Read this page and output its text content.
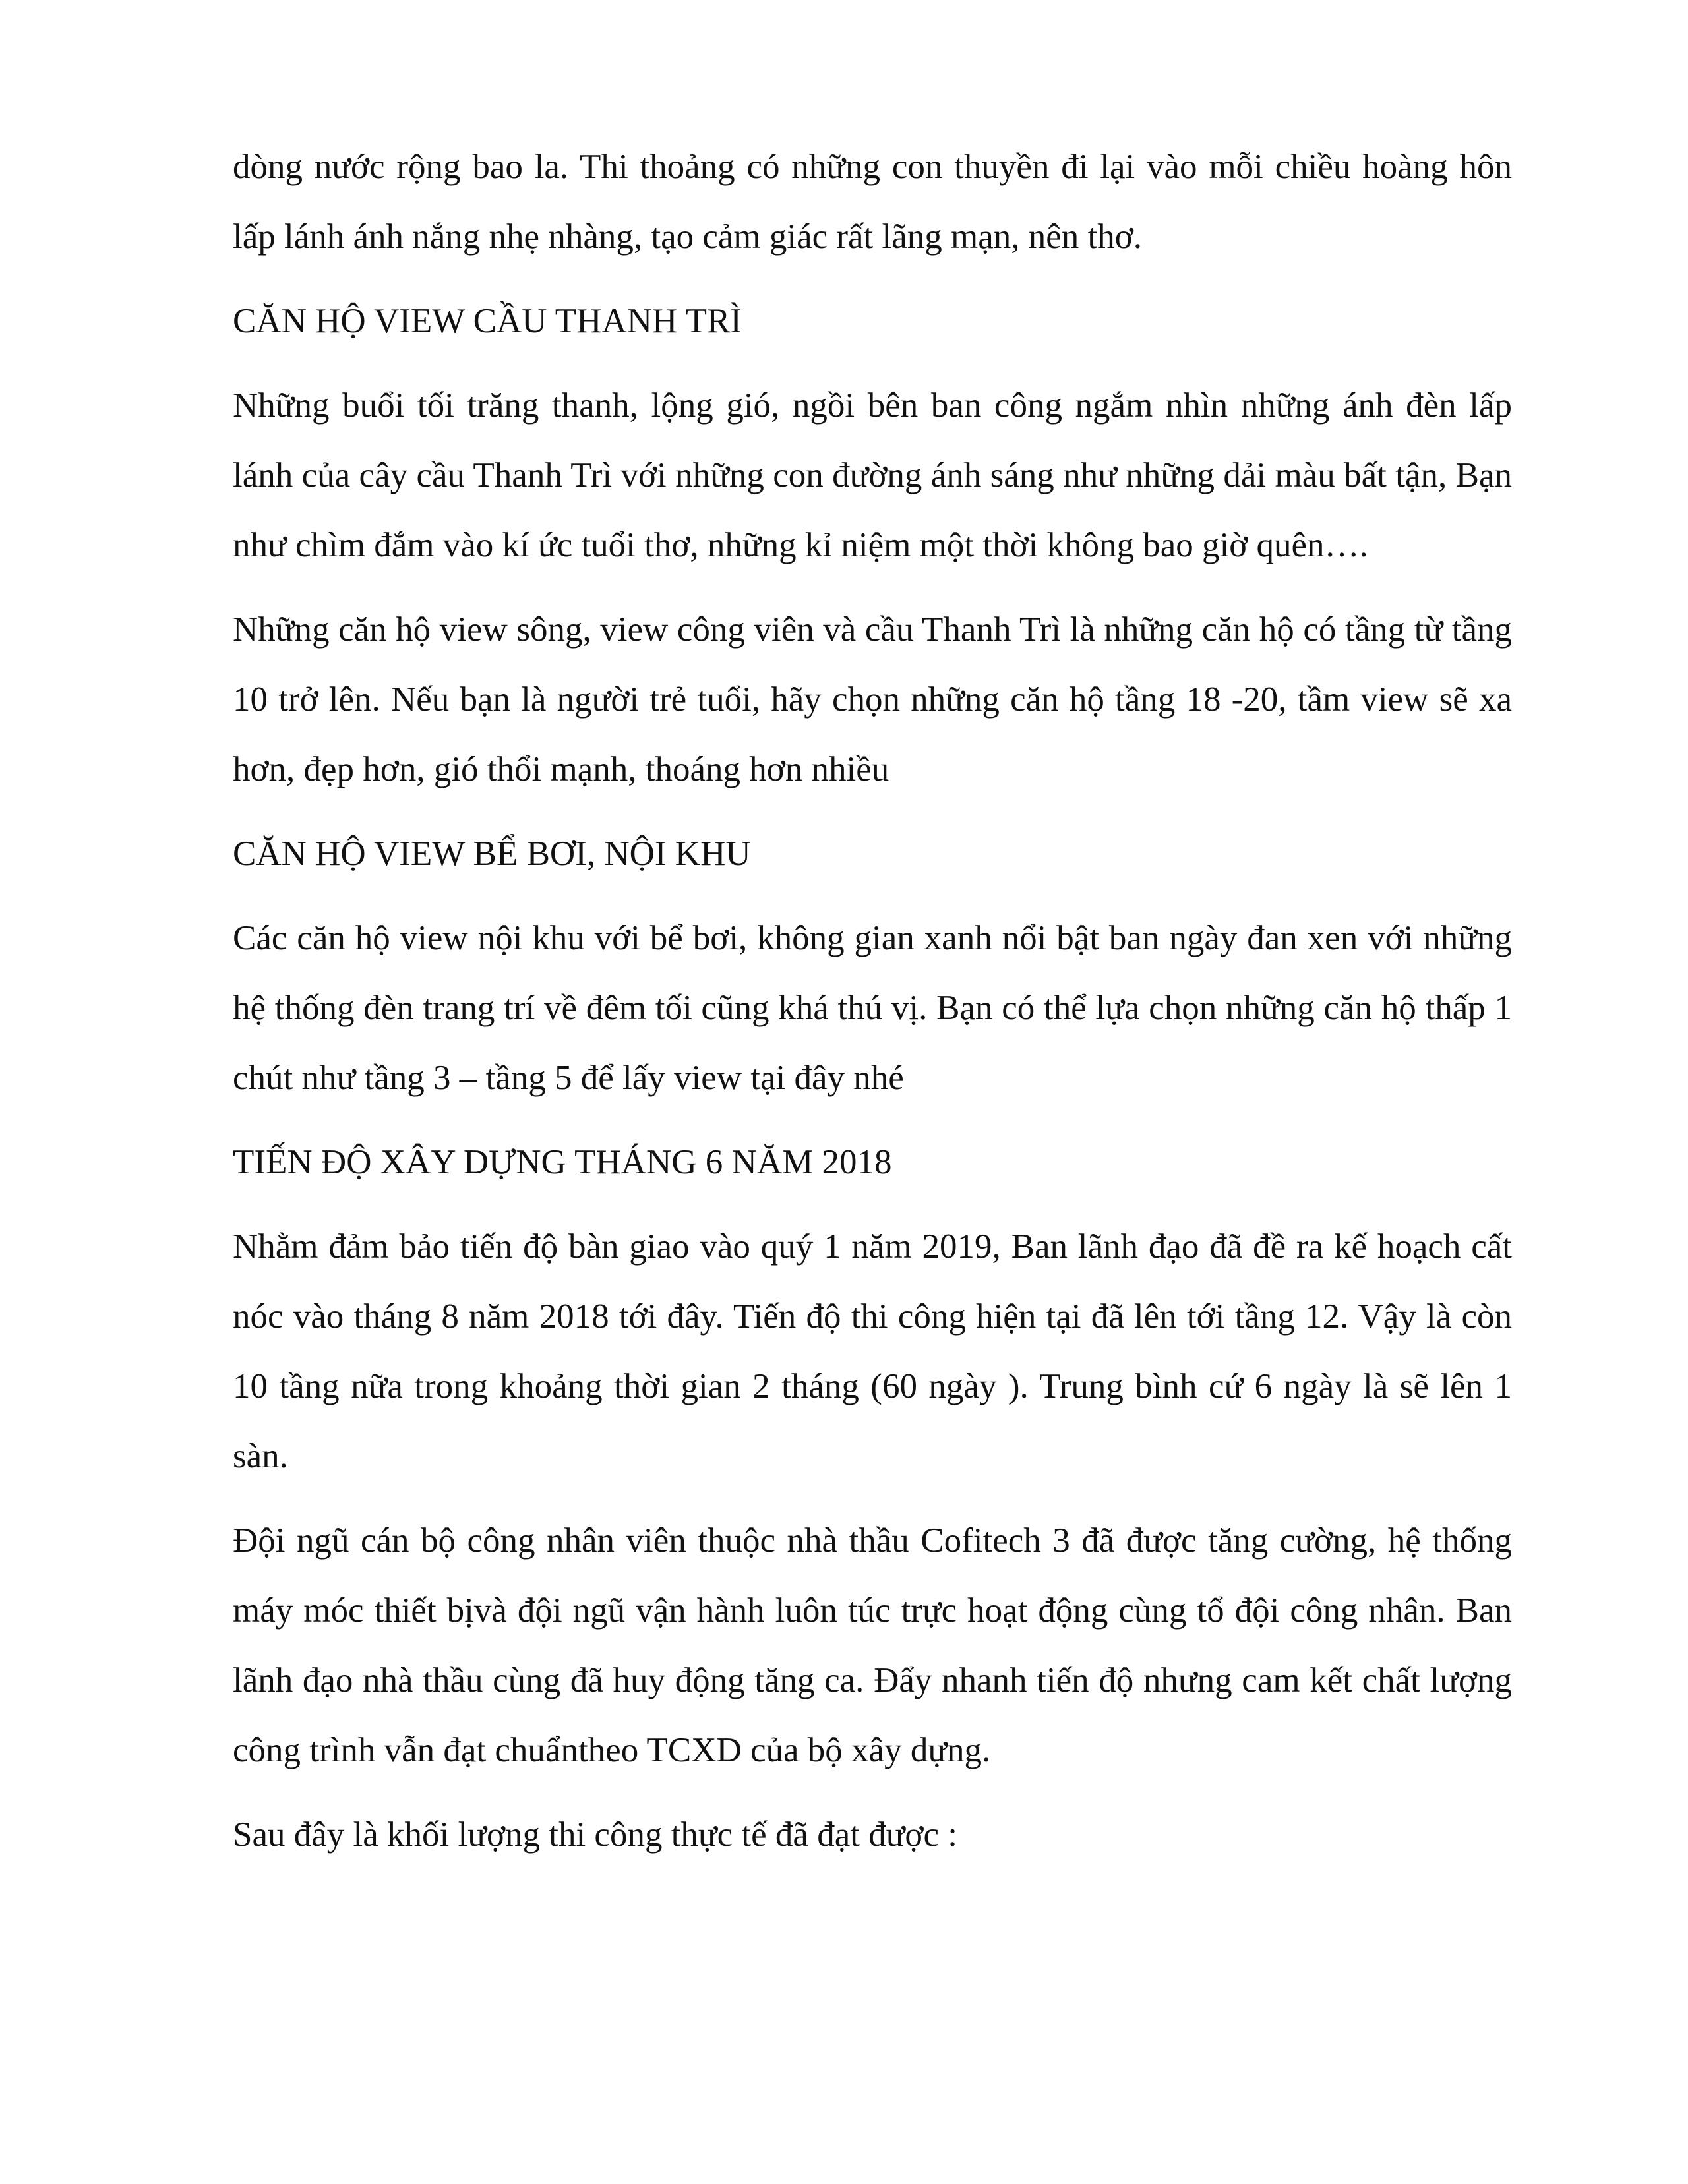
dòng nước rộng bao la. Thi thoảng có những con thuyền đi lại vào mỗi chiều hoàng hôn lấp lánh ánh nắng nhẹ nhàng, tạo cảm giác rất lãng mạn, nên thơ.

CĂN HỘ VIEW CẦU THANH TRÌ

Những buổi tối trăng thanh, lộng gió, ngồi bên ban công ngắm nhìn những ánh đèn lấp lánh của cây cầu Thanh Trì với những con đường ánh sáng như những dải màu bất tận, Bạn như chìm đắm vào kí ức tuổi thơ, những kỉ niệm một thời không bao giờ quên….

Những căn hộ view sông, view công viên và cầu Thanh Trì là những căn hộ có tầng từ tầng 10 trở lên. Nếu bạn là người trẻ tuổi, hãy chọn những căn hộ tầng 18 -20, tầm view sẽ xa hơn, đẹp hơn, gió thổi mạnh, thoáng hơn nhiều

CĂN HỘ VIEW BỂ BƠI, NỘI KHU

Các căn hộ view nội khu với bể bơi, không gian xanh nổi bật ban ngày đan xen với những hệ thống đèn trang trí về đêm tối cũng khá thú vị. Bạn có thể lựa chọn những căn hộ thấp 1 chút như tầng 3 – tầng 5 để lấy view tại đây nhé

TIẾN ĐỘ XÂY DỰNG THÁNG 6 NĂM 2018

Nhằm đảm bảo tiến độ bàn giao vào quý 1 năm 2019, Ban lãnh đạo đã đề ra kế hoạch cất nóc vào tháng 8 năm 2018 tới đây. Tiến độ thi công hiện tại đã lên tới tầng 12. Vậy là còn 10 tầng nữa trong khoảng thời gian 2 tháng (60 ngày ). Trung bình cứ 6 ngày là sẽ lên 1 sàn.

Đội ngũ cán bộ công nhân viên thuộc nhà thầu Cofitech 3 đã được tăng cường, hệ thống máy móc thiết bịvà đội ngũ vận hành luôn túc trực hoạt động cùng tổ đội công nhân. Ban lãnh đạo nhà thầu cùng đã huy động tăng ca. Đẩy nhanh tiến độ nhưng cam kết chất lượng công trình vẫn đạt chuẩntheo TCXD của bộ xây dựng.

Sau đây là khối lượng thi công thực tế đã đạt được :
